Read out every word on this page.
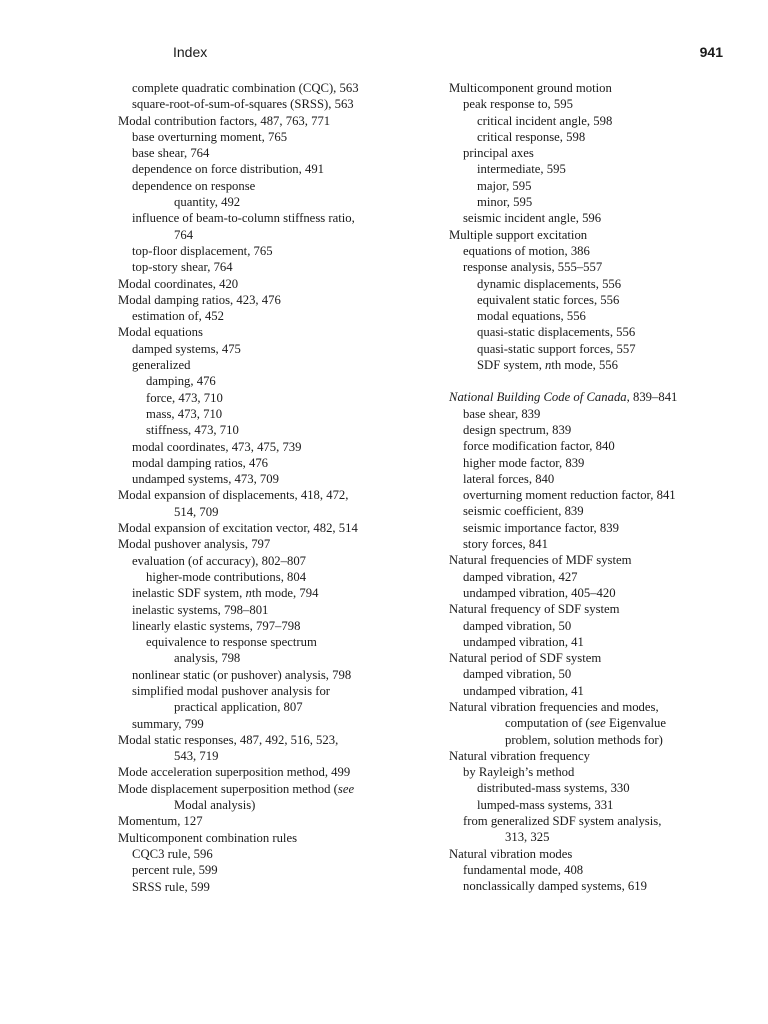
Index	941
complete quadratic combination (CQC), 563
square-root-of-sum-of-squares (SRSS), 563
Modal contribution factors, 487, 763, 771
base overturning moment, 765
base shear, 764
dependence on force distribution, 491
dependence on response
quantity, 492
influence of beam-to-column stiffness ratio,
764
top-floor displacement, 765
top-story shear, 764
Modal coordinates, 420
Modal damping ratios, 423, 476
estimation of, 452
Modal equations
damped systems, 475
generalized
damping, 476
force, 473, 710
mass, 473, 710
stiffness, 473, 710
modal coordinates, 473, 475, 739
modal damping ratios, 476
undamped systems, 473, 709
Modal expansion of displacements, 418, 472,
514, 709
Modal expansion of excitation vector, 482, 514
Modal pushover analysis, 797
evaluation (of accuracy), 802–807
higher-mode contributions, 804
inelastic SDF system, nth mode, 794
inelastic systems, 798–801
linearly elastic systems, 797–798
equivalence to response spectrum
analysis, 798
nonlinear static (or pushover) analysis, 798
simplified modal pushover analysis for
practical application, 807
summary, 799
Modal static responses, 487, 492, 516, 523,
543, 719
Mode acceleration superposition method, 499
Mode displacement superposition method (see
Modal analysis)
Momentum, 127
Multicomponent combination rules
CQC3 rule, 596
percent rule, 599
SRSS rule, 599
Multicomponent ground motion
peak response to, 595
critical incident angle, 598
critical response, 598
principal axes
intermediate, 595
major, 595
minor, 595
seismic incident angle, 596
Multiple support excitation
equations of motion, 386
response analysis, 555–557
dynamic displacements, 556
equivalent static forces, 556
modal equations, 556
quasi-static displacements, 556
quasi-static support forces, 557
SDF system, nth mode, 556
National Building Code of Canada, 839–841
base shear, 839
design spectrum, 839
force modification factor, 840
higher mode factor, 839
lateral forces, 840
overturning moment reduction factor, 841
seismic coefficient, 839
seismic importance factor, 839
story forces, 841
Natural frequencies of MDF system
damped vibration, 427
undamped vibration, 405–420
Natural frequency of SDF system
damped vibration, 50
undamped vibration, 41
Natural period of SDF system
damped vibration, 50
undamped vibration, 41
Natural vibration frequencies and modes,
computation of (see Eigenvalue
problem, solution methods for)
Natural vibration frequency
by Rayleigh’s method
distributed-mass systems, 330
lumped-mass systems, 331
from generalized SDF system analysis,
313, 325
Natural vibration modes
fundamental mode, 408
nonclassically damped systems, 619
